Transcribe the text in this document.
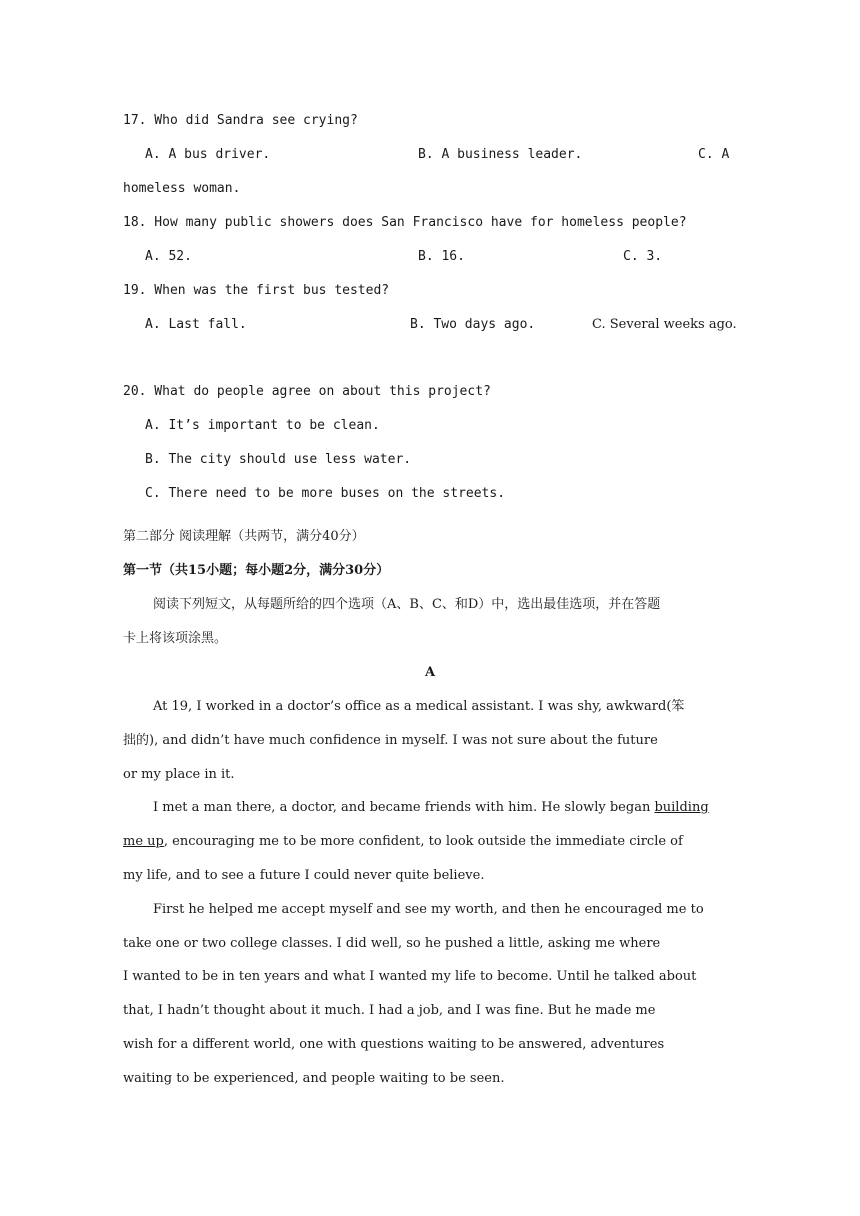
17. Who did Sandra see crying?
A. A bus driver.	B. A business leader.	C. A
homeless woman.
18. How many public showers does San Francisco have for homeless people?
A. 52.	B. 16.	C. 3.
19. When was the first bus tested?
A. Last fall.	B. Two days ago.	C. Several weeks ago.
20. What do people agree on about this project?
A. It’s important to be clean.
B. The city should use less water.
C. There need to be more buses on the streets.
第二部分 阅读理解（共两节，满分40分）
第一节（共15小题；每小题2分，满分30分）
阅读下列短文，从每题所给的四个选项（A、B、C、和D）中，选出最佳选项，并在答题
卡上将该项涂黑。
A
At 19, I worked in a doctor’s office as a medical assistant. I was shy, awkward(笨
拙的), and didn’t have much confidence in myself. I was not sure about the future
or my place in it.
I met a man there, a doctor, and became friends with him. He slowly began building
me up, encouraging me to be more confident, to look outside the immediate circle of
my life, and to see a future I could never quite believe.
First he helped me accept myself and see my worth, and then he encouraged me to
take one or two college classes. I did well, so he pushed a little, asking me where
I wanted to be in ten years and what I wanted my life to become. Until he talked about
that, I hadn’t thought about it much. I had a job, and I was fine. But he made me
wish for a different world, one with questions waiting to be answered, adventures
waiting to be experienced, and people waiting to be seen.
